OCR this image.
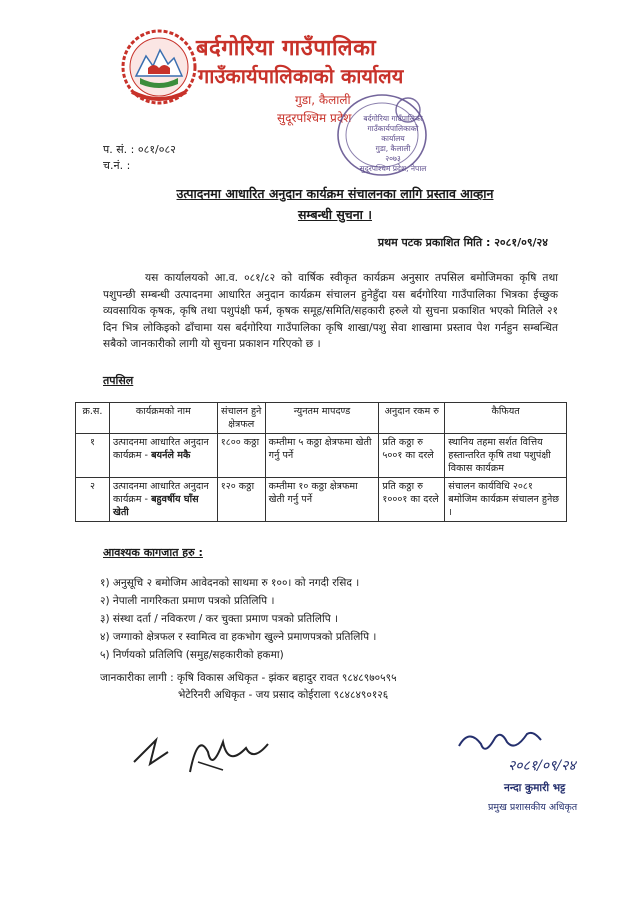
बर्दगोरिया गाउँपालिका
गाउँकार्यपालिकाको कार्यालय
गुडा, कैलाली
सुदूरपश्चिम प्रदेश	बर्दगोरिया गाउँपालिका
गाउँकार्यपालिकाको कार्यालय
गुडा, कैलाली
२०७३
सुदूरपश्चिम प्रदेश, नेपाल
प. सं. : ०८१/०८२
च.नं. :
उत्पादनमा आधारित अनुदान कार्यक्रम संचालनका लागि प्रस्ताव आव्हान
सम्बन्धी सुचना ।
प्रथम पटक प्रकाशित मिति : २०८१/०९/२४
यस कार्यालयको आ.व. ०८१/८२ को वार्षिक स्वीकृत कार्यक्रम अनुसार तपसिल बमोजिमका कृषि तथा पशुपन्छी सम्बन्धी उत्पादनमा आधारित अनुदान कार्यक्रम संचालन हुनेहुँदा यस बर्दगोरिया गाउँपालिका भित्रका ईच्छुक व्यवसायिक कृषक, कृषि तथा पशुपंक्षी फर्म, कृषक समूह/समिति/सहकारी हरुले यो सुचना प्रकाशित भएको मितिले २१ दिन भित्र लोकिइको ढाँचामा यस बर्दगोरिया गाउँपालिका कृषि शाखा/पशु सेवा शाखामा प्रस्ताव पेश गर्नहुन सम्बन्धित सबैको जानकारीको लागी यो सुचना प्रकाशन गरिएको छ ।
तपसिल
क्र.स.	कार्यक्रमको नाम	संचालन हुने क्षेत्रफल	न्युनतम मापदण्ड	अनुदान रकम रु	कैफियत
१	उत्पादनमा आधारित अनुदान कार्यक्रम - बयर्नले मकै	१८०० कठ्ठा	कम्तीमा ५ कठ्ठा क्षेत्रफमा खेती गर्नु पर्ने	प्रति कठ्ठा रु ५००१ का दरले	स्थानिय तहमा सर्शत वित्तिय हस्तान्तरित कृषि तथा पशुपंक्षी विकास कार्यक्रम
२	उत्पादनमा आधारित अनुदान कार्यक्रम - बहुवर्षीय घाँस खेती	१२० कठ्ठा	कम्तीमा १० कठ्ठा क्षेत्रफमा खेती गर्नु पर्ने	प्रति कठ्ठा रु १०००१ का दरले	संचालन कार्यविधि २०८१ बमोजिम कार्यक्रम संचालन हुनेछ ।
आवश्यक कागजात हरु :
१) अनुसूचि २ बमोजिम आवेदनको साथमा रु १००। को नगदी रसिद ।
२) नेपाली नागरिकता प्रमाण पत्रको प्रतिलिपि ।
३) संस्था दर्ता / नविकरण / कर चुक्ता प्रमाण पत्रको प्रतिलिपि ।
४) जग्गाको क्षेत्रफल र स्वामित्व वा हकभोग खुल्ने प्रमाणपत्रको प्रतिलिपि ।
५) निर्णयको प्रतिलिपि (समुह/सहकारीको हकमा)
जानकारीका लागी : कृषि विकास अधिकृत - झंकर बहादुर रावत ९८४८९७०५९५
भेटेरिनरी अधिकृत - जय प्रसाद कोईराला ९८४८४९०१२६
२०८१/०९/२४
नन्दा कुमारी भट्ट
प्रमुख प्रशासकीय अधिकृत
